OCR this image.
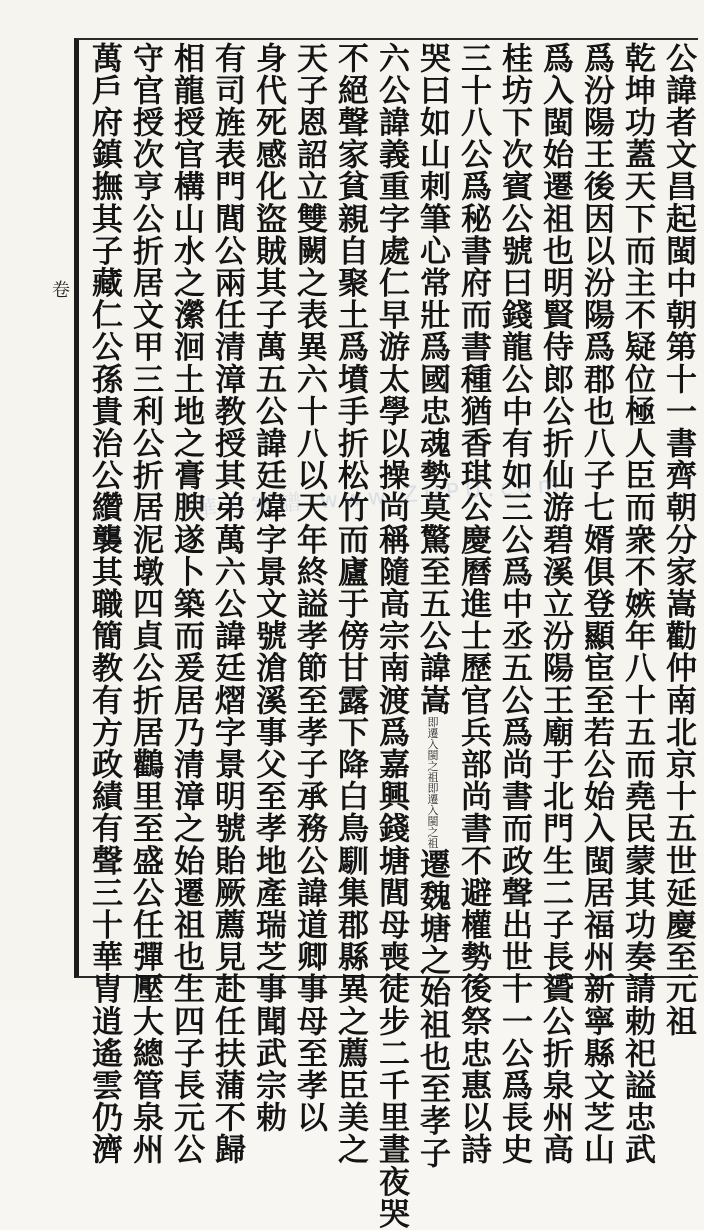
卷	公諱者文昌起閩中朝第十一書齊朝分家嵩勸仲南北京十五世延慶至元祖
乾坤功蓋天下而主不疑位極人臣而衆不嫉年八十五而堯民蒙其功奏請勅祀謚忠武
爲汾陽王後因以汾陽爲郡也八子七婿俱登顯宦至若公始入閩居福州新寧縣文芝山
爲入閩始遷祖也明賢侍郎公折仙游碧溪立汾陽王廟于北門生二子長贇公折泉州高
桂坊下次賓公號曰錢龍公中有如三公爲中丞五公爲尚書而政聲出世十一公爲長史
三十八公爲秘書府而書種猶香琪公慶曆進士歷官兵部尚書不避權勢後祭忠惠以詩
哭曰如山刺筆心常壯爲國忠魂勢莫驚至五公諱嵩即遷入閩之祖即遷入閩之祖遷魏塘之始祖也至孝子
六公諱義重字處仁早游太學以操尚稱隨高宗南渡爲嘉興錢塘閭母喪徒步二千里晝夜哭
不絕聲家貧親自聚土爲墳手折松竹而廬于傍甘露下降白鳥馴集郡縣異之薦臣美之
天子恩詔立雙闕之表異六十八以天年終謚孝節至孝子承務公諱道卿事母至孝以
身代死感化盜賊其子萬五公諱廷煒字景文號滄溪事父至孝地產瑞芝事聞武宗勅
有司旌表門閭公兩任清漳教授其弟萬六公諱廷熠字景明號貽厥薦見赴任扶蒲不歸
相龍授官構山水之瀠洄土地之膏腴遂卜築而爰居乃清漳之始遷祖也生四子長元公
守官授次亨公折居文甲三利公折居泥墩四貞公折居鸛里至盛公任彈壓大總管泉州
萬戶府鎮撫其子藏仁公孫貴治公纘襲其職簡教有方政績有聲三十華胄逍遙雲仍濟	華人家譜 www.ZUPU.com
